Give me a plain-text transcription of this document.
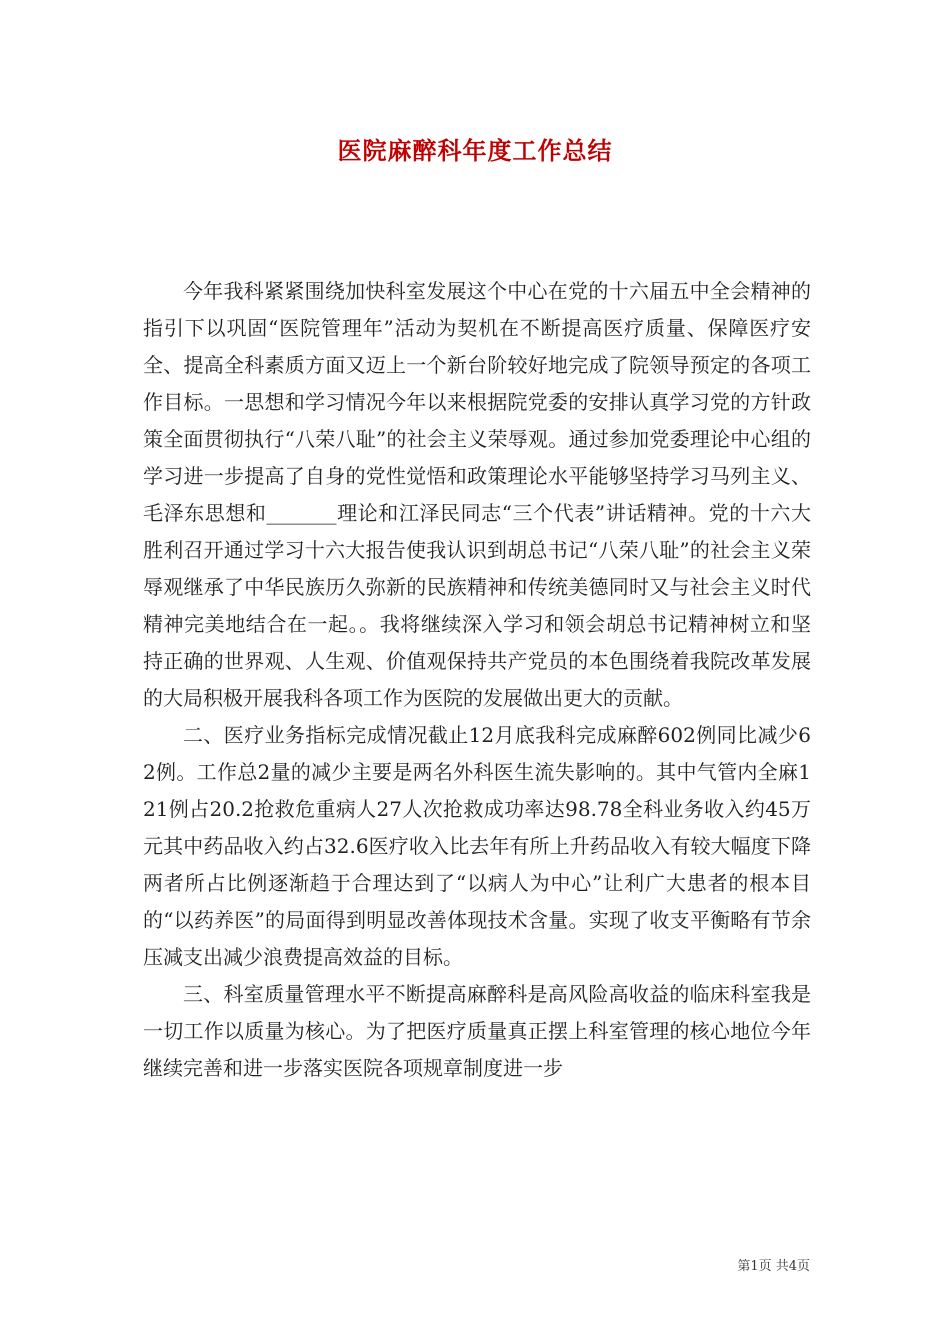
医院麻醉科年度工作总结

今年我科紧紧围绕加快科室发展这个中心在党的十六届五中全会精神的指引下以巩固“医院管理年”活动为契机在不断提高医疗质量、保障医疗安全、提高全科素质方面又迈上一个新台阶较好地完成了院领导预定的各项工作目标。一思想和学习情况今年以来根据院党委的安排认真学习党的方针政策全面贯彻执行“八荣八耻”的社会主义荣辱观。通过参加党委理论中心组的学习进一步提高了自身的党性觉悟和政策理论水平能够坚持学习马列主义、毛泽东思想和_______理论和江泽民同志“三个代表”讲话精神。党的十六大胜利召开通过学习十六大报告使我认识到胡总书记“八荣八耻”的社会主义荣辱观继承了中华民族历久弥新的民族精神和传统美德同时又与社会主义时代精神完美地结合在一起。。我将继续深入学习和领会胡总书记精神树立和坚持正确的世界观、人生观、价值观保持共产党员的本色围绕着我院改革发展的大局积极开展我科各项工作为医院的发展做出更大的贡献。

二、医疗业务指标完成情况截止12月底我科完成麻醉602例同比减少62例。工作总2量的减少主要是两名外科医生流失影响的。其中气管内全麻121例占20.2抢救危重病人27人次抢救成功率达98.78全科业务收入约45万元其中药品收入约占32.6医疗收入比去年有所上升药品收入有较大幅度下降两者所占比例逐渐趋于合理达到了“以病人为中心”让利广大患者的根本目的“以药养医”的局面得到明显改善体现技术含量。实现了收支平衡略有节余压减支出减少浪费提高效益的目标。

三、科室质量管理水平不断提高麻醉科是高风险高收益的临床科室我是一切工作以质量为核心。为了把医疗质量真正摆上科室管理的核心地位今年继续完善和进一步落实医院各项规章制度进一步

第1页 共4页
